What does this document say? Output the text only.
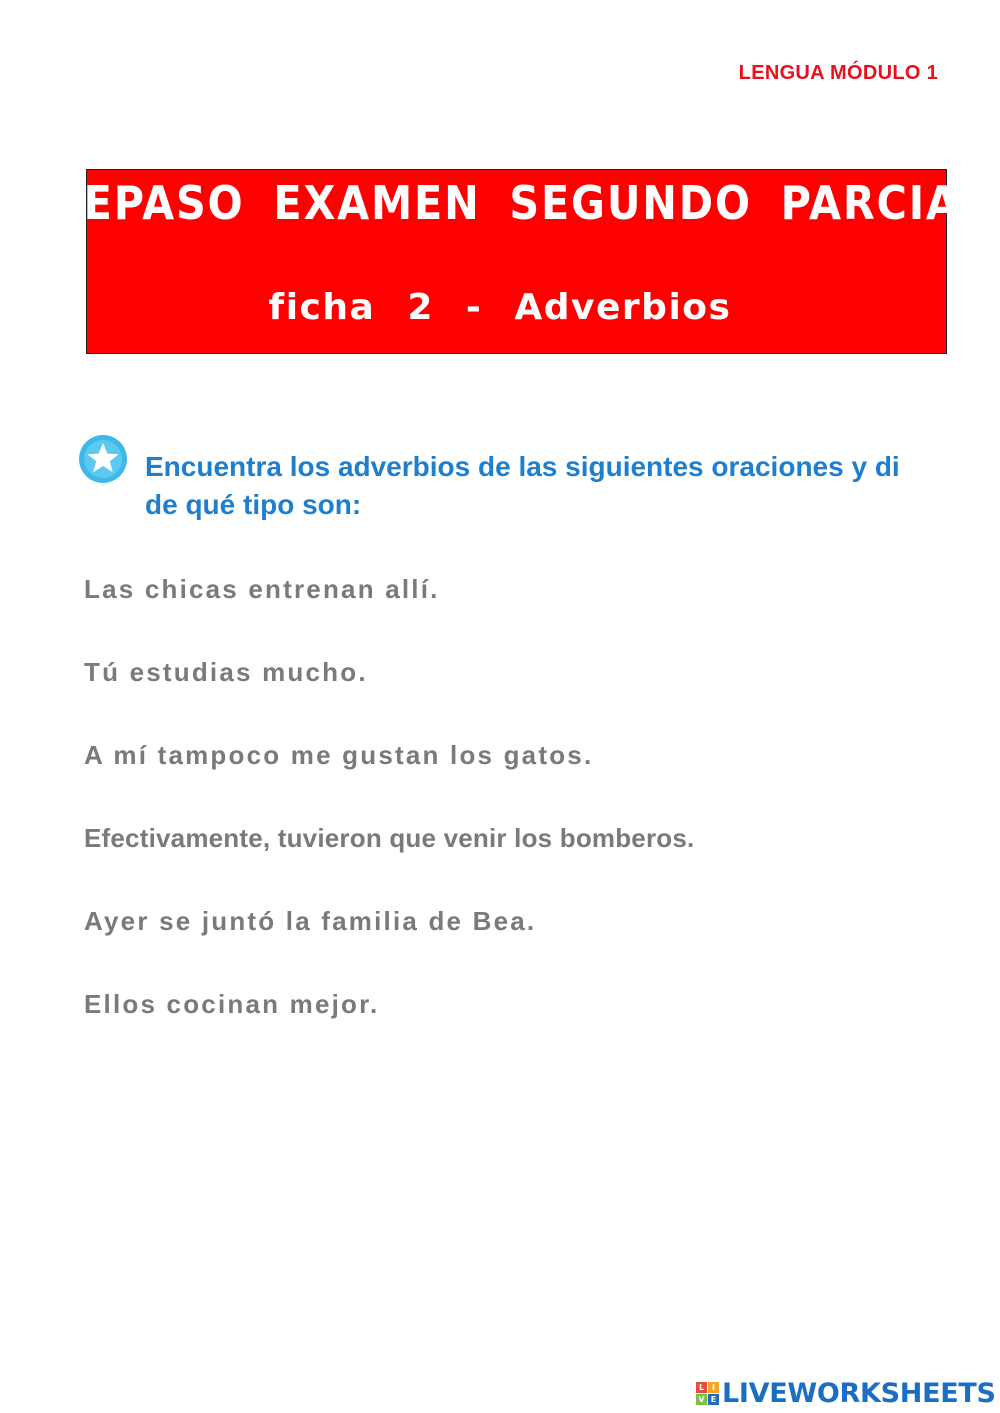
LENGUA MÓDULO 1
REPASO EXAMEN SEGUNDO PARCIAL
ficha 2 - Adverbios
Encuentra los adverbios de las siguientes oraciones y di de qué tipo son:
Las chicas entrenan allí.
Tú estudias mucho.
A mí tampoco me gustan los gatos.
Efectivamente, tuvieron que venir los bomberos.
Ayer se juntó la familia de Bea.
Ellos cocinan mejor.
L I
V E LIVEWORKSHEETS
